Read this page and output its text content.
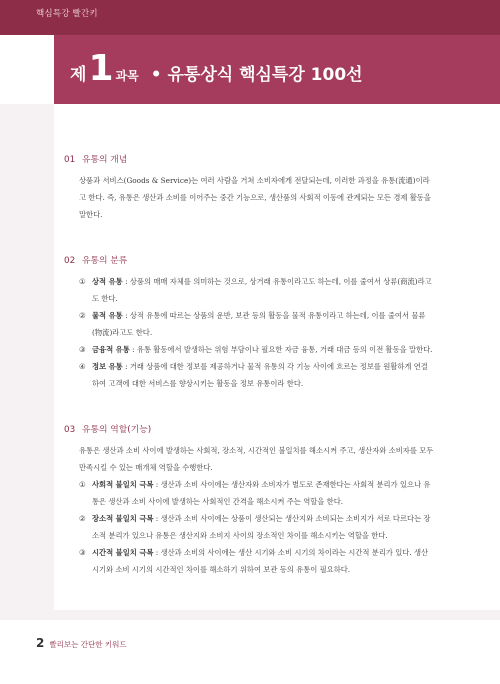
핵심특강 빨간키
제 1 과목 • 유통상식 핵심특강 100선
01 유통의 개념
상품과 서비스(Goods & Service)는 여러 사람을 거쳐 소비자에게 전달되는데, 이러한 과정을 유통(流通)이라고 한다. 즉, 유통은 생산과 소비를 이어주는 중간 기능으로, 생산품의 사회적 이동에 관계되는 모든 경제 활동을 말한다.
02 유통의 분류
① 상적 유통 : 상품의 매매 자체를 의미하는 것으로, 상거래 유통이라고도 하는데, 이를 줄여서 상류(商流)라고도 한다.
② 물적 유통 : 상적 유통에 따르는 상품의 운반, 보관 등의 활동을 물적 유통이라고 하는데, 이를 줄여서 물류(物流)라고도 한다.
③ 금융적 유통 : 유통 활동에서 발생하는 위험 부담이나 필요한 자금 융통, 거래 대금 등의 이전 활동을 말한다.
④ 정보 유통 : 거래 상품에 대한 정보를 제공하거나 물적 유통의 각 기능 사이에 흐르는 정보를 원활하게 연결하여 고객에 대한 서비스를 향상시키는 활동을 정보 유통이라 한다.
03 유통의 역할(기능)
유통은 생산과 소비 사이에 발생하는 사회적, 장소적, 시간적인 불일치를 해소시켜 주고, 생산자와 소비자를 모두 만족시킬 수 있는 매개체 역할을 수행한다.
① 사회적 불일치 극복 : 생산과 소비 사이에는 생산자와 소비자가 별도로 존재한다는 사회적 분리가 있으나 유통은 생산과 소비 사이에 발생하는 사회적인 간격을 해소시켜 주는 역할을 한다.
② 장소적 불일치 극복 : 생산과 소비 사이에는 상품이 생산되는 생산지와 소비되는 소비지가 서로 다르다는 장소적 분리가 있으나 유통은 생산지와 소비지 사이의 장소적인 차이를 해소시키는 역할을 한다.
③ 시간적 불일치 극복 : 생산과 소비의 사이에는 생산 시기와 소비 시기의 차이라는 시간적 분리가 있다. 생산 시기와 소비 시기의 시간적인 차이를 해소하기 위하여 보관 등의 유통이 필요하다.
2 빨리보는 간단한 키워드
